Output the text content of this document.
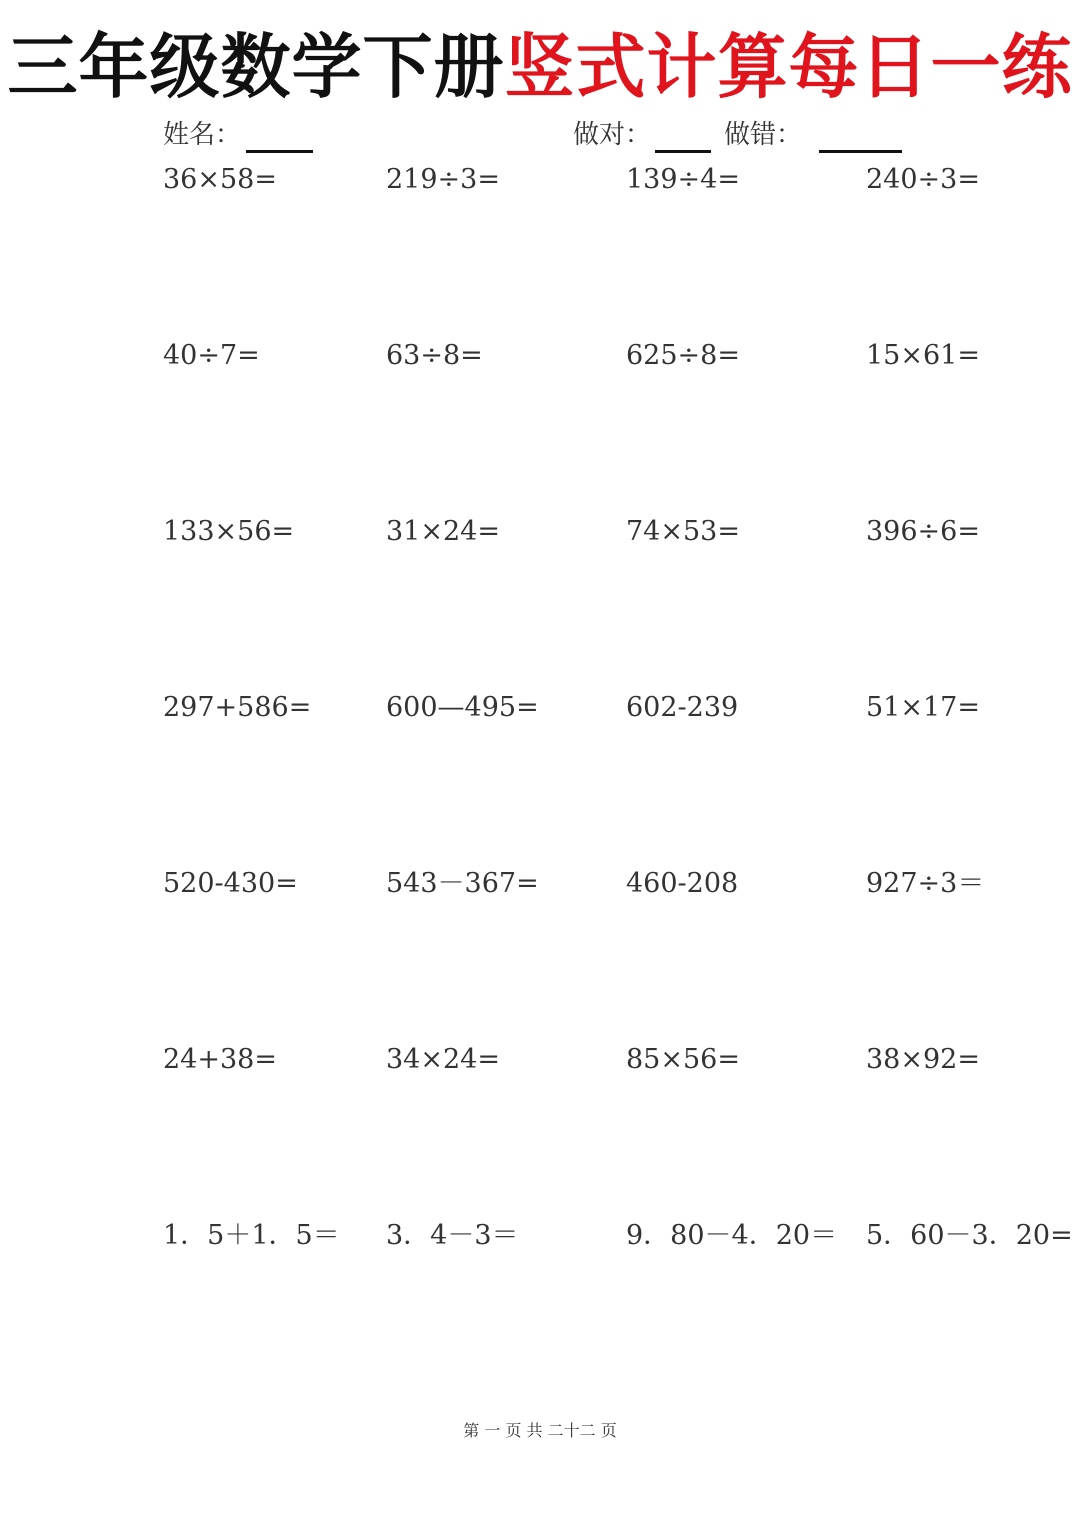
三年级数学下册竖式计算每日一练
姓名：	做对：	做错：
36×58=	219÷3=	139÷4=	240÷3=
40÷7=	63÷8=	625÷8=	15×61=
133×56=	31×24=	74×53=	396÷6=
297+586=	600—495=	602-239	51×17=
520-430=	543－367=	460-208	927÷3＝
24+38=	34×24=	85×56=	38×92=
1．5＋1．5＝ 3．4－3＝	9．80－4．20＝ 5．60－3．20=
第 一 页 共 二十二 页
